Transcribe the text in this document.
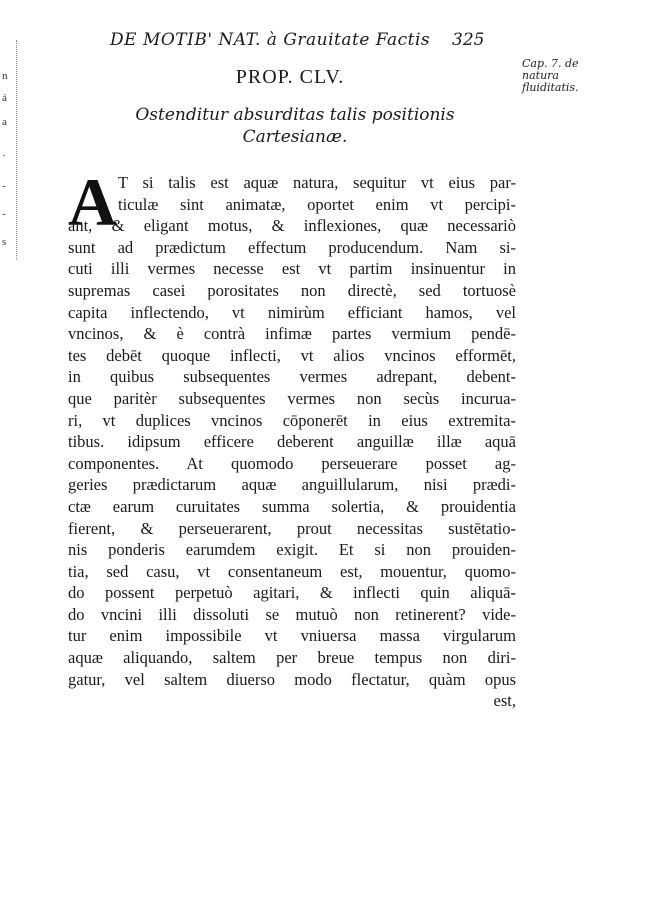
n
á
a
·
-
-
s
DE MOTIB' NAT. à Grauitate Factis	325
Cap. 7. de
natura fluiditatis.
PROP. CLV.
Ostenditur absurditas talis positionis
Cartesianæ.
A T si talis est aquæ natura, sequitur vt eius par-
ticulæ sint animatæ, oportet enim vt percipi-
ant, & eligant motus, & inflexiones, quæ necessariò
sunt ad prædictum effectum producendum. Nam si-
cuti illi vermes necesse est vt partim insinuentur in
supremas casei porositates non directè, sed tortuosè
capita inflectendo, vt nimirùm efficiant hamos, vel
vncinos, & è contrà infimæ partes vermium pendē-
tes debēt quoque inflecti, vt alios vncinos efformēt,
in quibus subsequentes vermes adrepant, debent-
que paritèr subsequentes vermes non secùs incurua-
ri, vt duplices vncinos cōponerēt in eius extremita-
tibus. idipsum efficere deberent anguillæ illæ aquā
componentes. At quomodo perseuerare posset ag-
geries prædictarum aquæ anguillularum, nisi prædi-
ctæ earum curuitates summa solertia, & prouidentia
fierent, & perseuerarent, prout necessitas sustētatio-
nis ponderis earumdem exigit. Et si non prouiden-
tia, sed casu, vt consentaneum est, mouentur, quomo-
do possent perpetuò agitari, & inflecti quin aliquā-
do vncini illi dissoluti se mutuò non retinerent? vide-
tur enim impossibile vt vniuersa massa virgularum
aquæ aliquando, saltem per breue tempus non diri-
gatur, vel saltem diuerso modo flectatur, quàm opus
est,
